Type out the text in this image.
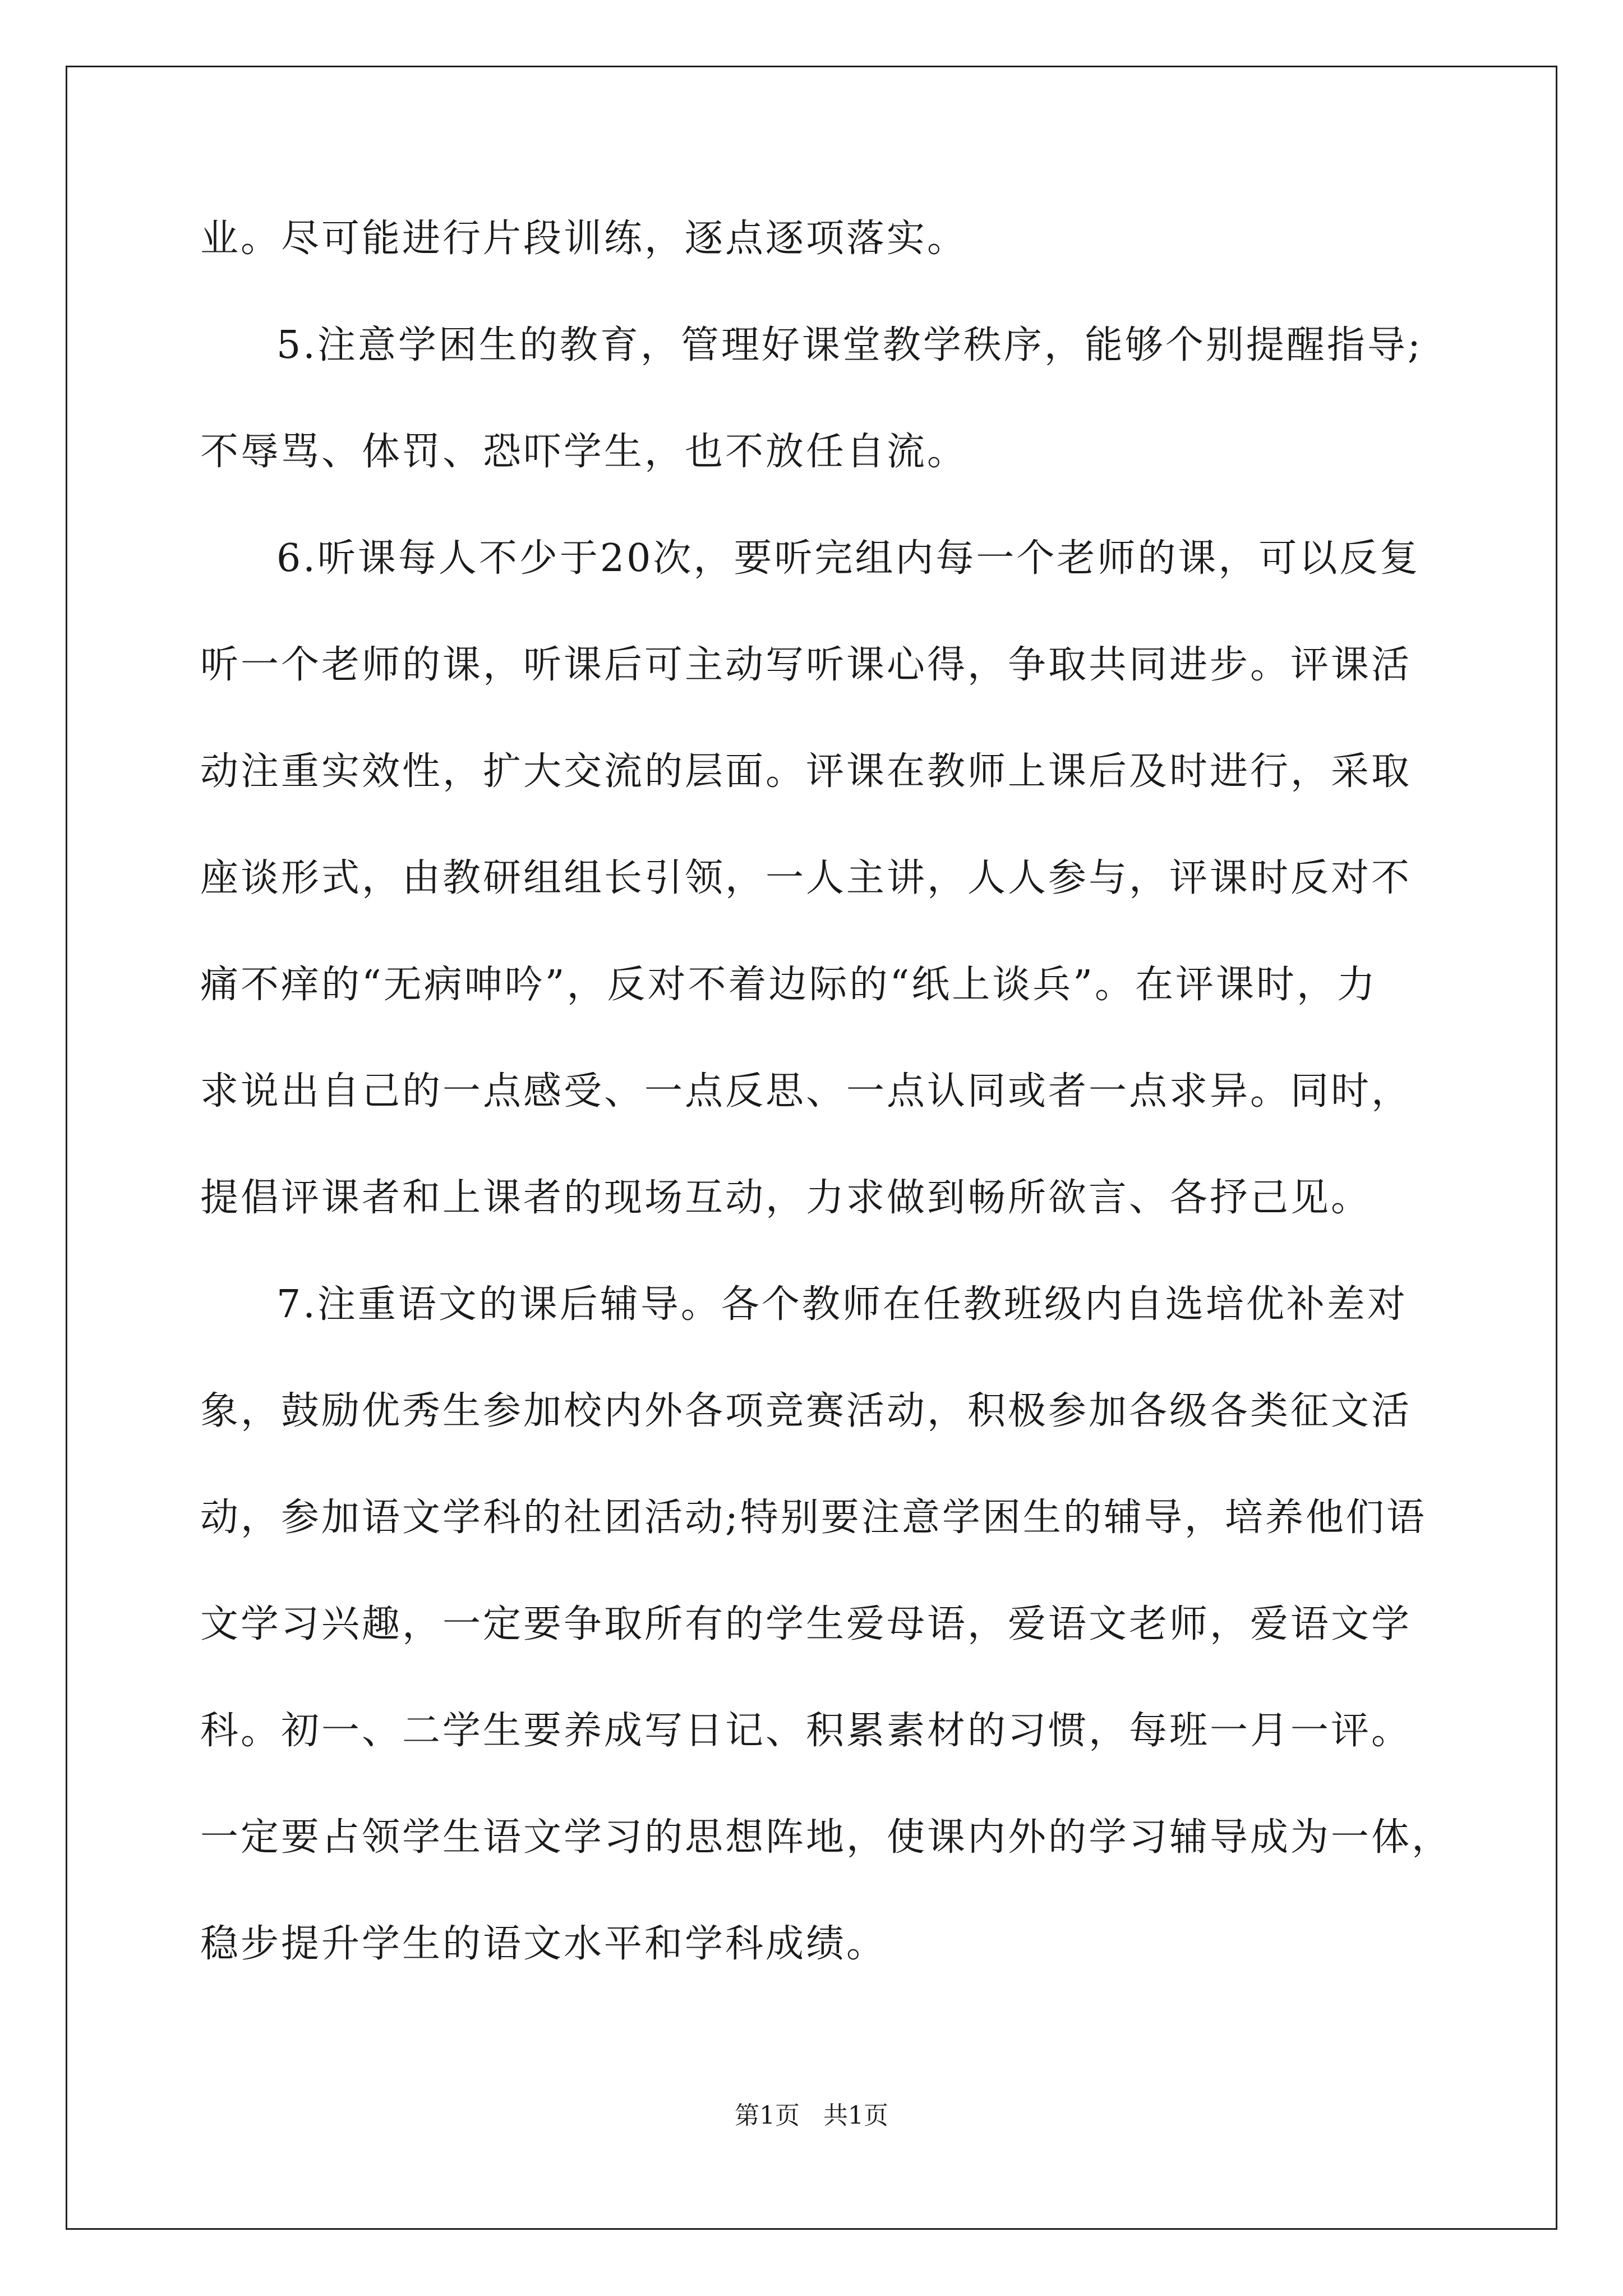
业。尽可能进行片段训练，逐点逐项落实。
5.注意学困生的教育，管理好课堂教学秩序，能够个别提醒指导;
不辱骂、体罚、恐吓学生，也不放任自流。
6.听课每人不少于20次，要听完组内每一个老师的课，可以反复
听一个老师的课，听课后可主动写听课心得，争取共同进步。评课活
动注重实效性，扩大交流的层面。评课在教师上课后及时进行，采取
座谈形式，由教研组组长引领，一人主讲，人人参与，评课时反对不
痛不痒的“无病呻吟”，反对不着边际的“纸上谈兵”。在评课时，力
求说出自己的一点感受、一点反思、一点认同或者一点求异。同时，
提倡评课者和上课者的现场互动，力求做到畅所欲言、各抒己见。
7.注重语文的课后辅导。各个教师在任教班级内自选培优补差对
象，鼓励优秀生参加校内外各项竞赛活动，积极参加各级各类征文活
动，参加语文学科的社团活动;特别要注意学困生的辅导，培养他们语
文学习兴趣，一定要争取所有的学生爱母语，爱语文老师，爱语文学
科。初一、二学生要养成写日记、积累素材的习惯，每班一月一评。
一定要占领学生语文学习的思想阵地，使课内外的学习辅导成为一体，
稳步提升学生的语文水平和学科成绩。
第1页   共1页
